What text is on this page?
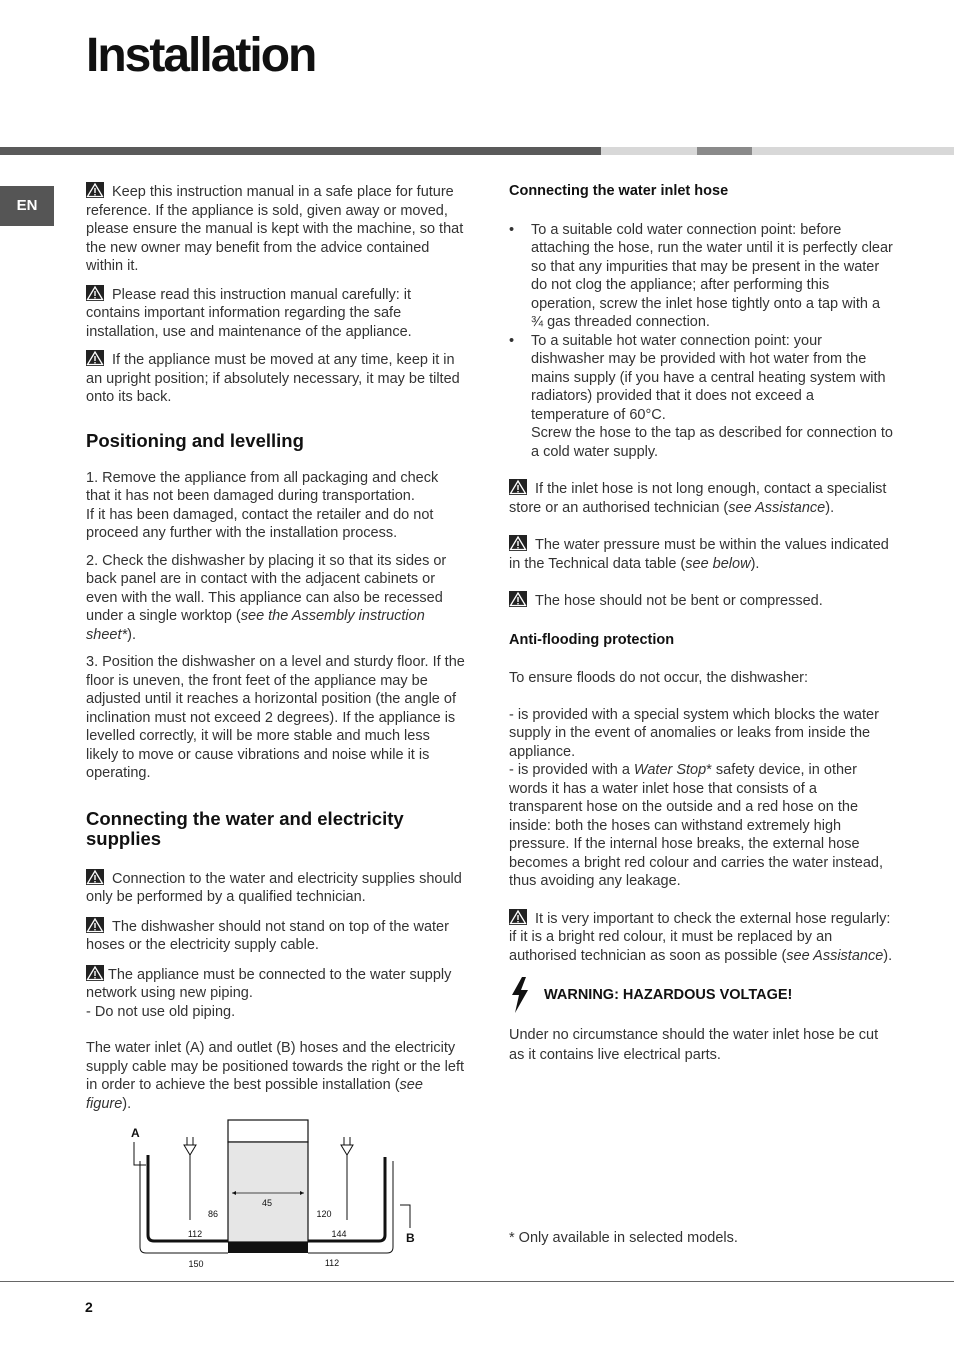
Installation
EN

Keep this instruction manual in a safe place for future reference. If the appliance is sold, given away or moved, please ensure the manual is kept with the machine, so that the new owner may benefit from the advice contained within it.

Please read this instruction manual carefully: it contains important information regarding the safe installation, use and maintenance of the appliance.

If the appliance must be moved at any time, keep it in an upright position; if absolutely necessary, it may be tilted onto its back.

Positioning and levelling

1. Remove the appliance from all packaging and check that it has not been damaged during transportation.

If it has been damaged, contact the retailer and do not proceed any further with the installation process.

2. Check the dishwasher by placing it so that its sides or back panel are in contact with the adjacent cabinets or even with the wall. This appliance can also be recessed under a single worktop (see the Assembly instruction sheet*).

3. Position the dishwasher on a level and sturdy floor. If the floor is uneven, the front feet of the appliance may be adjusted until it reaches a horizontal position (the angle of inclination must not exceed 2 degrees). If the appliance is levelled correctly, it will be more stable and much less likely to move or cause vibrations and noise while it is operating.

Connecting the water and electricity supplies

Connection to the water and electricity supplies should only be performed by a qualified technician.

The dishwasher should not stand on top of the water hoses or the electricity supply cable.

The appliance must be connected to the water supply network using new piping.

- Do not use old piping.

The water inlet (A) and outlet (B) hoses and the electricity supply cable may be positioned towards the right or the left in order to achieve the best possible installation (see figure).

45
A
B
86	120
112	144
150	112
Connecting the water inlet hose
• To a suitable cold water connection point: before attaching the hose, run the water until it is perfectly clear so that any impurities that may be present in the water do not clog the appliance; after performing this operation, screw the inlet hose tightly onto a tap with a ¾ gas threaded connection.

• To a suitable hot water connection point: your dishwasher may be provided with hot water from the mains supply (if you have a central heating system with radiators) provided that it does not exceed a temperature of 60°C.

Screw the hose to the tap as described for connection to a cold water supply.

If the inlet hose is not long enough, contact a specialist store or an authorised technician (see Assistance).

The water pressure must be within the values indicated in the Technical data table (see below).

The hose should not be bent or compressed.

Anti-flooding protection

To ensure floods do not occur, the dishwasher:

- is provided with a special system which blocks the water supply in the event of anomalies or leaks from inside the appliance.

- is provided with a Water Stop* safety device, in other words it has a water inlet hose that consists of a transparent hose on the outside and a red hose on the inside: both the hoses can withstand extremely high pressure. If the internal hose breaks, the external hose becomes a bright red colour and carries the water instead, thus avoiding any leakage.

It is very important to check the external hose regularly: if it is a bright red colour, it must be replaced by an authorised technician as soon as possible (see Assistance).

WARNING: HAZARDOUS VOLTAGE!

Under no circumstance should the water inlet hose be cut as it contains live electrical parts.

* Only available in selected models.
2
